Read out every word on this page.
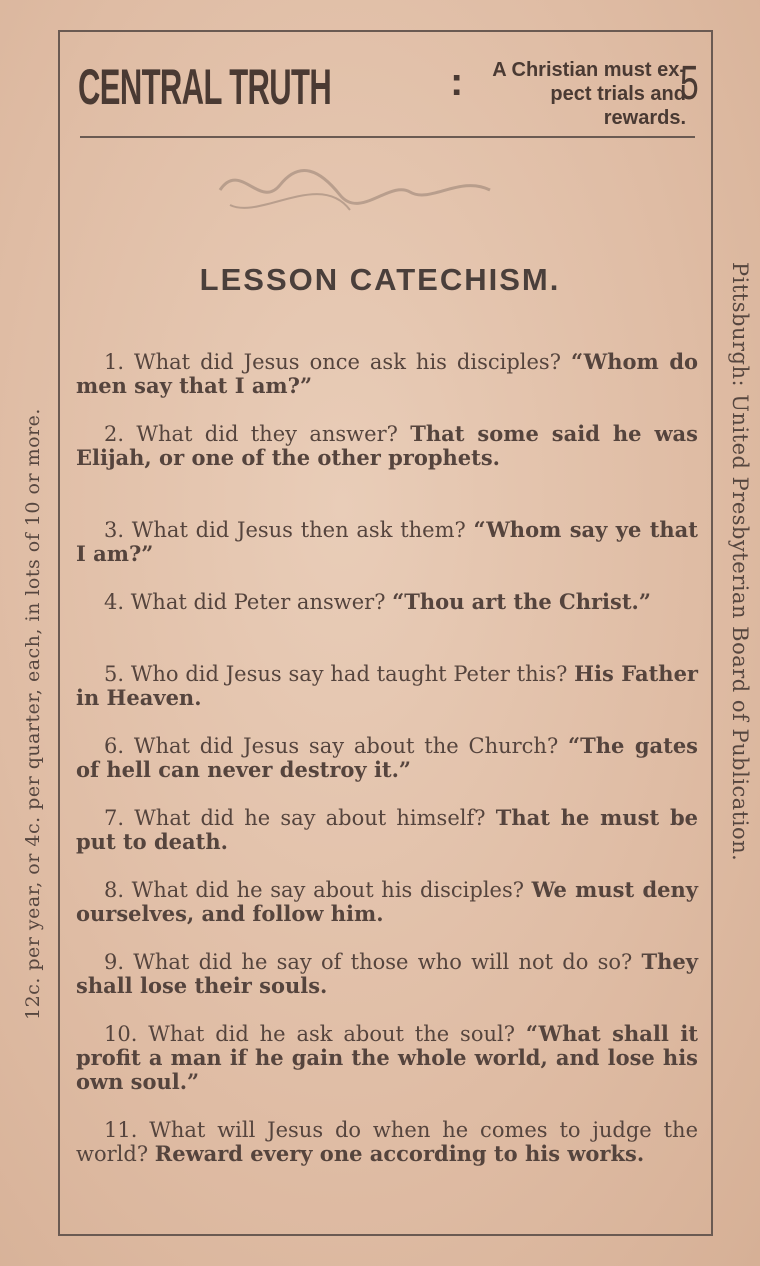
CENTRAL TRUTH	:	A Christian must ex-
pect trials and rewards.
5
LESSON CATECHISM.
1. What did Jesus once ask his disciples? “Whom do men say that I am?”
2. What did they answer? That some said he was Elijah, or one of the other prophets.
3. What did Jesus then ask them? “Whom say ye that I am?”
4. What did Peter answer? “Thou art the Christ.”
5. Who did Jesus say had taught Peter this? His Father in Heaven.
6. What did Jesus say about the Church? “The gates of hell can never destroy it.”
7. What did he say about himself? That he must be put to death.
8. What did he say about his disciples? We must deny ourselves, and follow him.
9. What did he say of those who will not do so? They shall lose their souls.
10. What did he ask about the soul? “What shall it profit a man if he gain the whole world, and lose his own soul.”
11. What will Jesus do when he comes to judge the world? Reward every one according to his works.
12c. per year, or 4c. per quarter, each, in lots of 10 or more.	Pittsburgh: United Presbyterian Board of Publication.
